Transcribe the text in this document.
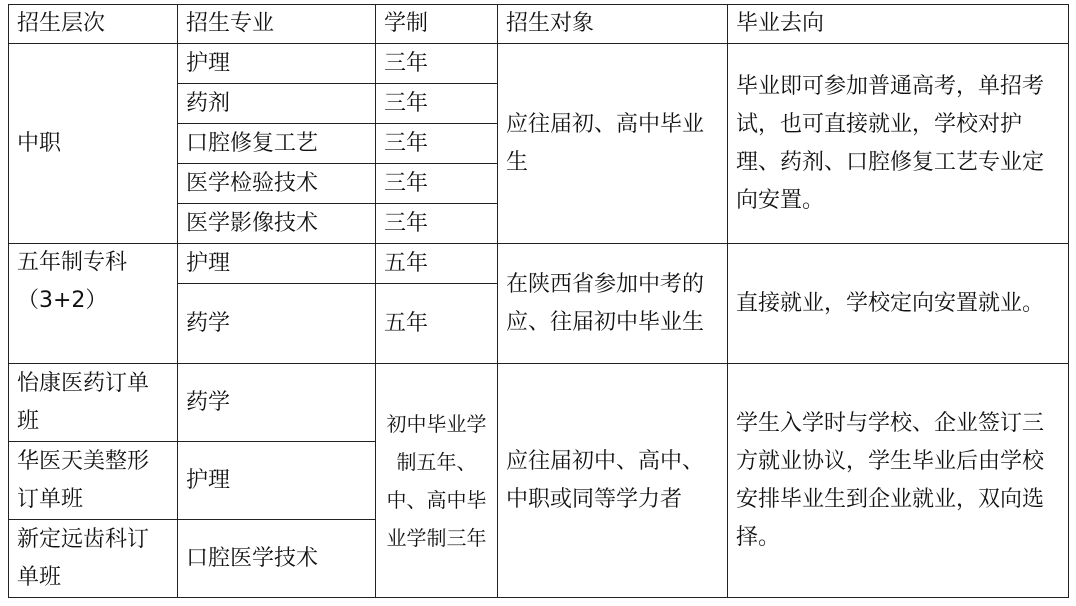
招生层次	招生专业	学制	招生对象	毕业去向
中职	护理	三年	应往届初、高中毕业生	毕业即可参加普通高考，单招考试，也可直接就业，学校对护理、药剂、口腔修复工艺专业定向安置。
	药剂	三年		
	口腔修复工艺	三年		
	医学检验技术	三年		
	医学影像技术	三年		
五年制专科（3+2）	护理	五年	在陕西省参加中考的应、往届初中毕业生	直接就业，学校定向安置就业。
	药学	五年		
怡康医药订单班	药学	初中毕业学制五年、中、高中毕业学制三年	应往届初中、高中、中职或同等学力者	学生入学时与学校、企业签订三方就业协议，学生毕业后由学校安排毕业生到企业就业，双向选择。
华医天美整形订单班	护理			
新定远齿科订单班	口腔医学技术			
